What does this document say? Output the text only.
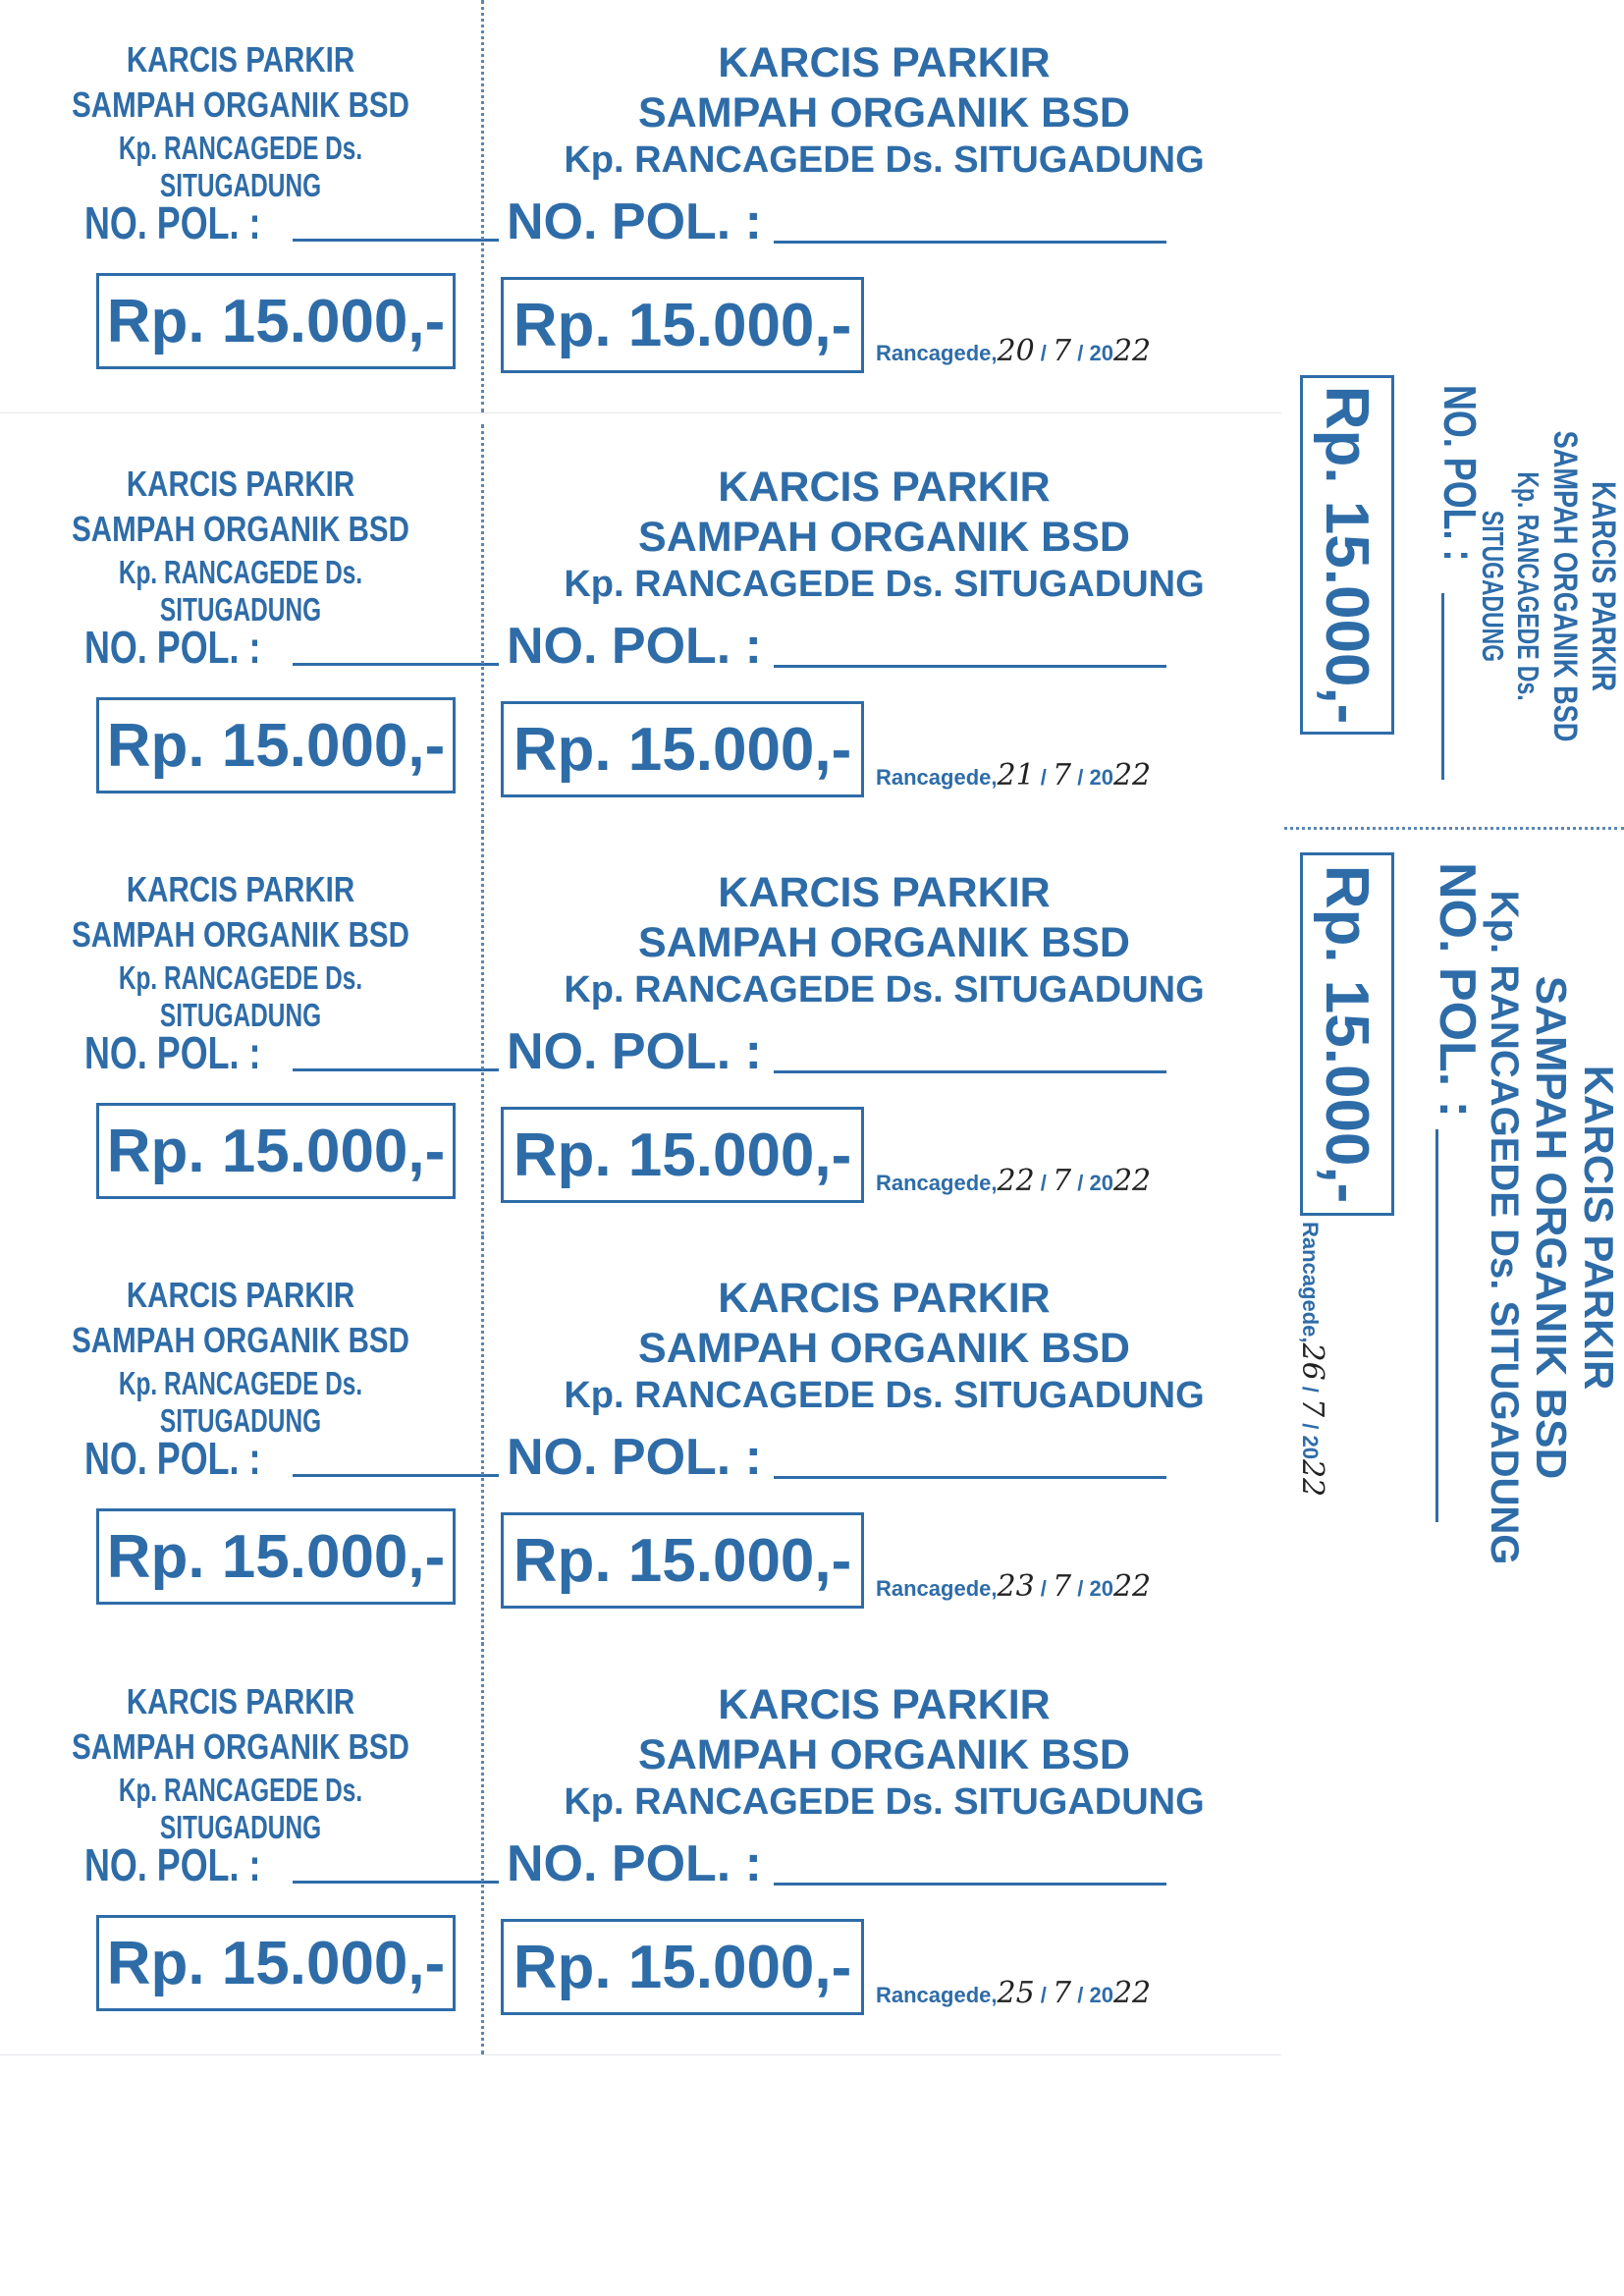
KARCIS PARKIR
SAMPAH ORGANIK BSD
Kp. RANCAGEDE Ds. SITUGADUNG
NO. POL. :
Rp. 15.000,-
KARCIS PARKIR
SAMPAH ORGANIK BSD
Kp. RANCAGEDE Ds. SITUGADUNG
NO. POL. :
Rp. 15.000,-	Rancagede,20 / 7 / 2022
KARCIS PARKIR
SAMPAH ORGANIK BSD
Kp. RANCAGEDE Ds. SITUGADUNG
NO. POL. :
Rp. 15.000,-
KARCIS PARKIR
SAMPAH ORGANIK BSD
Kp. RANCAGEDE Ds. SITUGADUNG
NO. POL. :
Rp. 15.000,-	Rancagede,21 / 7 / 2022
KARCIS PARKIR
SAMPAH ORGANIK BSD
Kp. RANCAGEDE Ds. SITUGADUNG
NO. POL. :
Rp. 15.000,-
KARCIS PARKIR
SAMPAH ORGANIK BSD
Kp. RANCAGEDE Ds. SITUGADUNG
NO. POL. :
Rp. 15.000,-	Rancagede,22 / 7 / 2022
KARCIS PARKIR
SAMPAH ORGANIK BSD
Kp. RANCAGEDE Ds. SITUGADUNG
NO. POL. :
Rp. 15.000,-
KARCIS PARKIR
SAMPAH ORGANIK BSD
Kp. RANCAGEDE Ds. SITUGADUNG
NO. POL. :
Rp. 15.000,-	Rancagede,23 / 7 / 2022
KARCIS PARKIR
SAMPAH ORGANIK BSD
Kp. RANCAGEDE Ds. SITUGADUNG
NO. POL. :
Rp. 15.000,-
KARCIS PARKIR
SAMPAH ORGANIK BSD
Kp. RANCAGEDE Ds. SITUGADUNG
NO. POL. :
Rp. 15.000,-	Rancagede,25 / 7 / 2022
KARCIS PARKIR
SAMPAH ORGANIK BSD
Kp. RANCAGEDE Ds. SITUGADUNG
NO. POL. :
Rp. 15.000,-
KARCIS PARKIR
SAMPAH ORGANIK BSD
Kp. RANCAGEDE Ds. SITUGADUNG
NO. POL. :
Rp. 15.000,-
Rancagede,26 / 7 / 2022
